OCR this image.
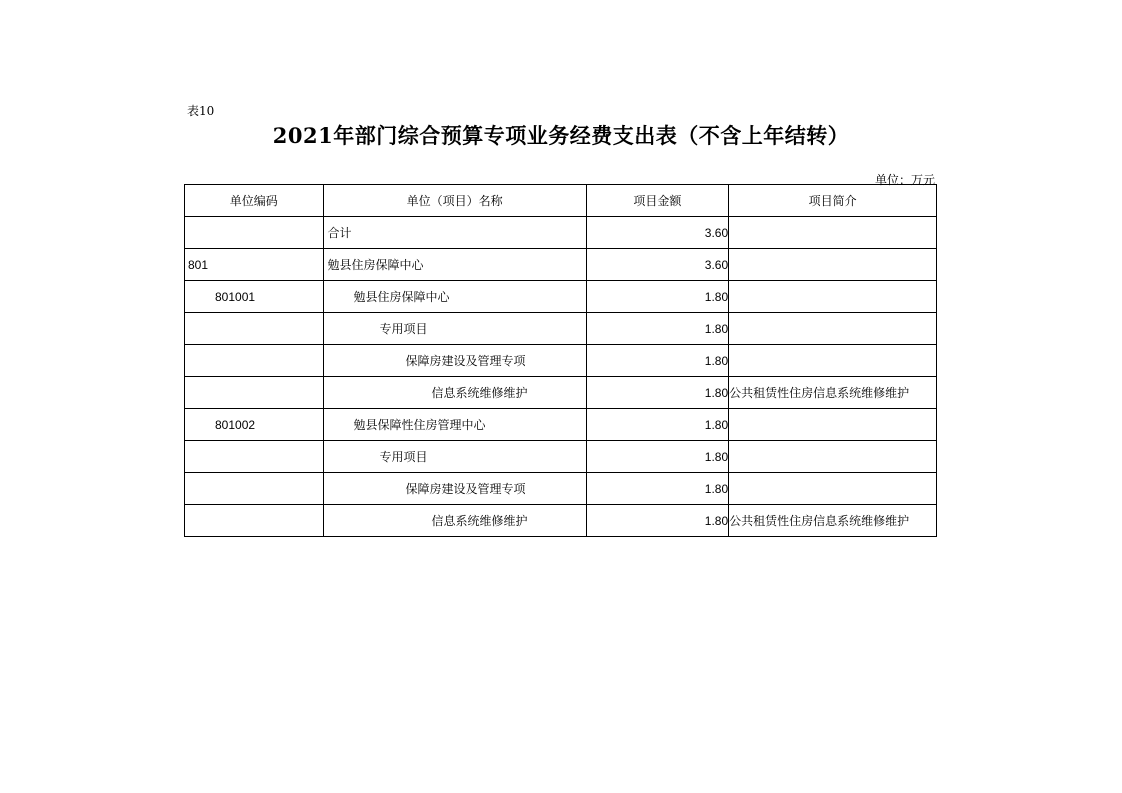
表10
2021年部门综合预算专项业务经费支出表（不含上年结转）
单位：万元
单位编码	单位（项目）名称	项目金额	项目简介
	合计	3.60	
801	勉县住房保障中心	3.60	
801001	勉县住房保障中心	1.80	
	专用项目	1.80	
	保障房建设及管理专项	1.80	
	信息系统维修维护	1.80	公共租赁性住房信息系统维修维护
801002	勉县保障性住房管理中心	1.80	
	专用项目	1.80	
	保障房建设及管理专项	1.80	
	信息系统维修维护	1.80	公共租赁性住房信息系统维修维护
